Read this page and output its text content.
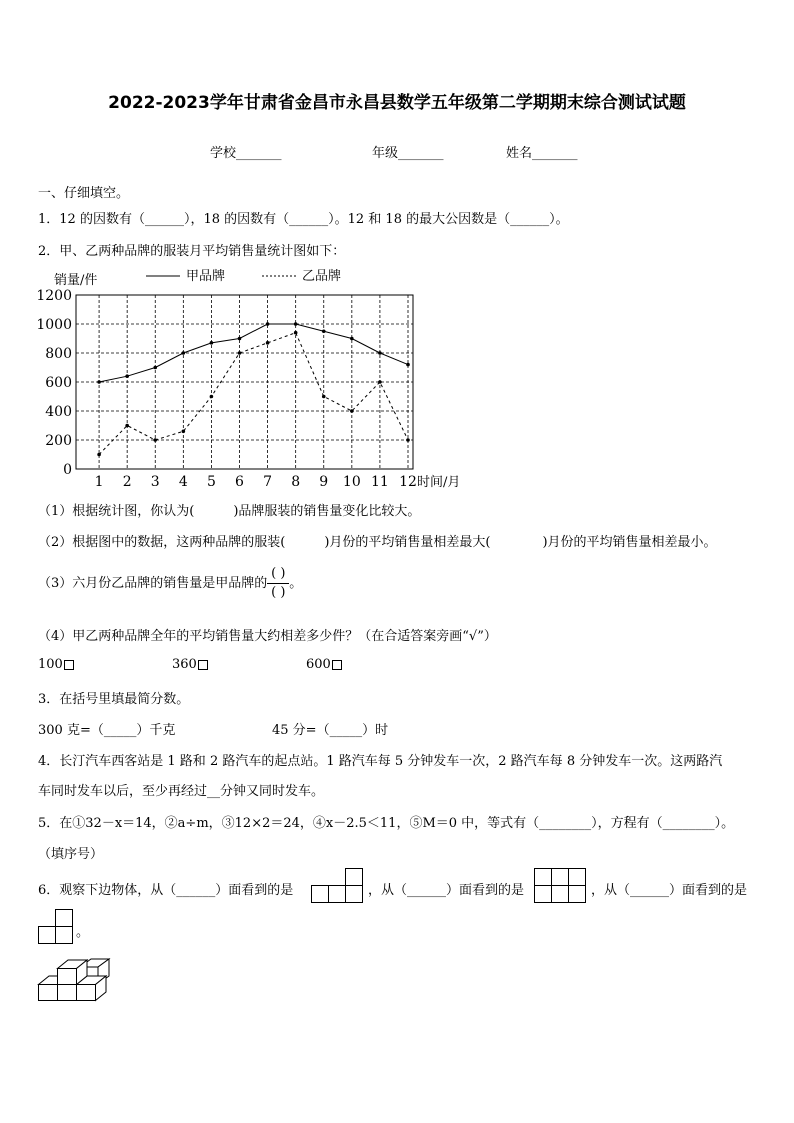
2022-2023学年甘肃省金昌市永昌县数学五年级第二学期期末综合测试试题
学校_______	年级_______	姓名_______
一、仔细填空。
1．12 的因数有（______），18 的因数有（______）。12 和 18 的最大公因数是（______）。
2．甲、乙两种品牌的服装月平均销售量统计图如下：
销量/件	甲品牌	乙品牌
0
200
400
600
800
1000
1200
1 2 3 4 5 6 7 8 9 10 11 12 时间/月
（1）根据统计图，你认为(　　　)品牌服装的销售量变化比较大。
（2）根据图中的数据，这两种品牌的服装(　　　)月份的平均销售量相差最大(　　　　)月份的平均销售量相差最小。
（3）六月份乙品牌的销售量是甲品牌的$\frac{( )}{( )}$。
（4）甲乙两种品牌全年的平均销售量大约相差多少件？（在合适答案旁画“√”）
100	360	600
3．在括号里填最简分数。
300 克=（_____）千克	45 分=（_____）时
4．长汀汽车西客站是 1 路和 2 路汽车的起点站。1 路汽车每 5 分钟发车一次，2 路汽车每 8 分钟发车一次。这两路汽
车同时发车以后，至少再经过__分钟又同时发车。
5．在①32－x＝14，②a÷m，③12×2＝24，④x－2.5＜11，⑤M＝0 中，等式有（________），方程有（________）。
（填序号）
6．观察下边物体，从（______）面看到的是	，从（______）面看到的是	，从（______）面看到的是
。
